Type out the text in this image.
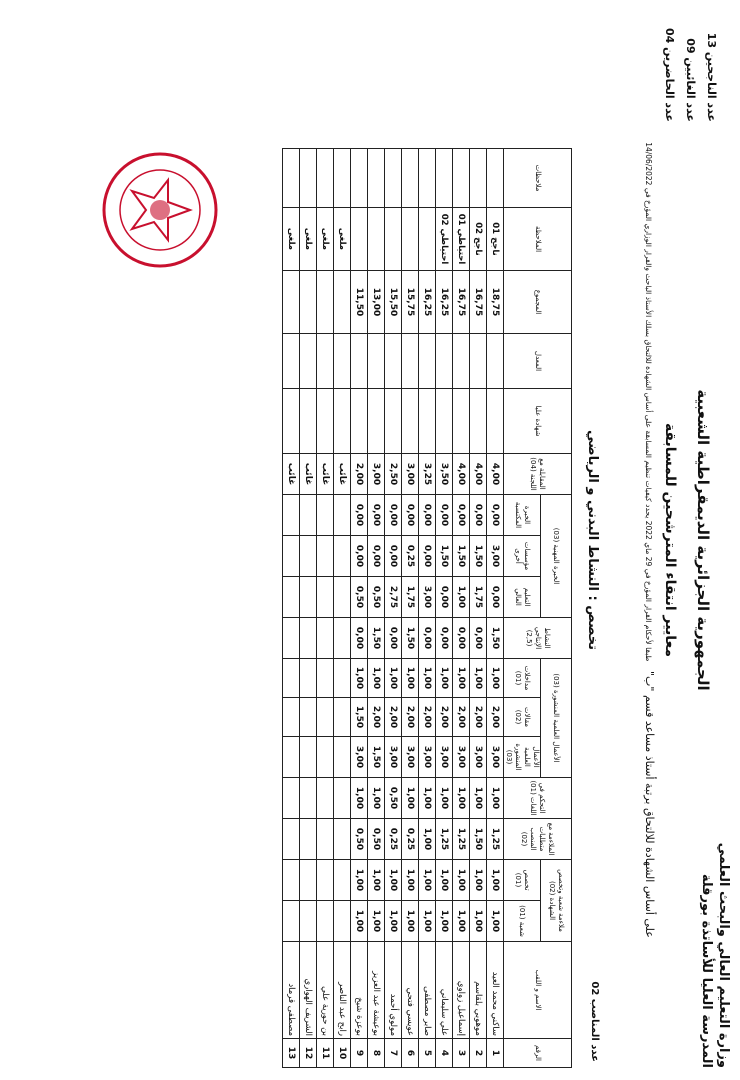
وزارة التعليم العالي والبحث العلمي
المدرسة العليا للأساتذة بورقلة
عدد الناجحين 13
عدد الغائبين 09
عدد الحاضرين 04
الجمهورية الجزائرية الديمقراطية الشعبية
معايير انتقاء المترشحين للمسابقة
على أساس الشهادة للالتحاق برتبة أستاذ مساعد قسم "ب"   طبقا لأحكام القرار المؤرخ في 29 ماي 2022 يحدد كيفيات تنظيم المسابقة على أساس الشهادة للالتحاق بسلك الأستاذ الباحث والقرار الوزاري المؤرخ في 14/06/2022
تخصص : النشاط البدني و الرياضي
عدد المناصب 02
الرقم	الاسم و اللقب	ملاءمة شعبة وتخصص الشهادة (02)		الملاءمة مع متطلبات المنصب (02)	التحكم في اللغات (01)	الأعمال العلمية المنشورة (03)			النشاط الإنتاجي (2,5)	الخبرة المهنية (03)			المقابلة مع اللجنة (04)	شهادة عليا	المعدل	المجموع	الملاحظة	ملاحظات
		شعبة (01)	تخصص (01)			الأعمال العلمية المنشورة (03)	مقالات (02)	مداخلات (01)		التعليم العالي	مؤسسات أخرى	الخبرة المكتسبة						

1	ساكني محمد العيد	1,00	1,00	1,25	1,00	3,00	2,00	1,00	1,50	0,00	3,00	0,00	4,00			18,75	ناجح 01	
2	موهوبي بلقاسم	1,00	1,00	1,50	1,00	3,00	2,00	1,00	0,00	1,75	1,50	0,00	4,00			16,75	ناجح 02	
3	إسماعيل زواوي	1,00	1,00	1,25	1,00	3,00	2,00	1,00	0,00	1,00	1,50	0,00	4,00			16,75	احتياطي 01	
4	علي سليماني	1,00	1,00	1,25	1,00	3,00	2,00	1,00	0,00	0,00	1,50	0,00	3,50			16,25	احتياطي 02	
5	صابر مصطفى	1,00	1,00	1,00	1,00	3,00	2,00	1,00	0,00	3,00	0,00	0,00	3,25			16,25		
6	عويسي فتحي	1,00	1,00	0,25	1,00	3,00	2,00	1,00	1,50	1,75	0,25	0,00	3,00			15,75		
7	مولوي أحمد	1,00	1,00	0,25	0,50	3,00	2,00	1,00	0,00	2,75	0,00	0,00	2,50			15,50		
8	بوعيشة عبد العزيز	1,00	1,00	0,50	1,00	1,50	2,00	1,00	1,50	0,50	0,00	0,00	3,00			13,00		
9	بوعزة شيخ	1,00	1,00	0,50	1,00	3,00	1,50	1,00	0,00	0,50	0,00	0,00	2,00			11,50		
10	رابح عبد الناصر												غائب				ملغى	
11	بن حورية علي												غائب				ملغى	
12	الشريف الهواري												غائب				ملغى	
13	مصطفى قرماد												غائب				ملغى	
